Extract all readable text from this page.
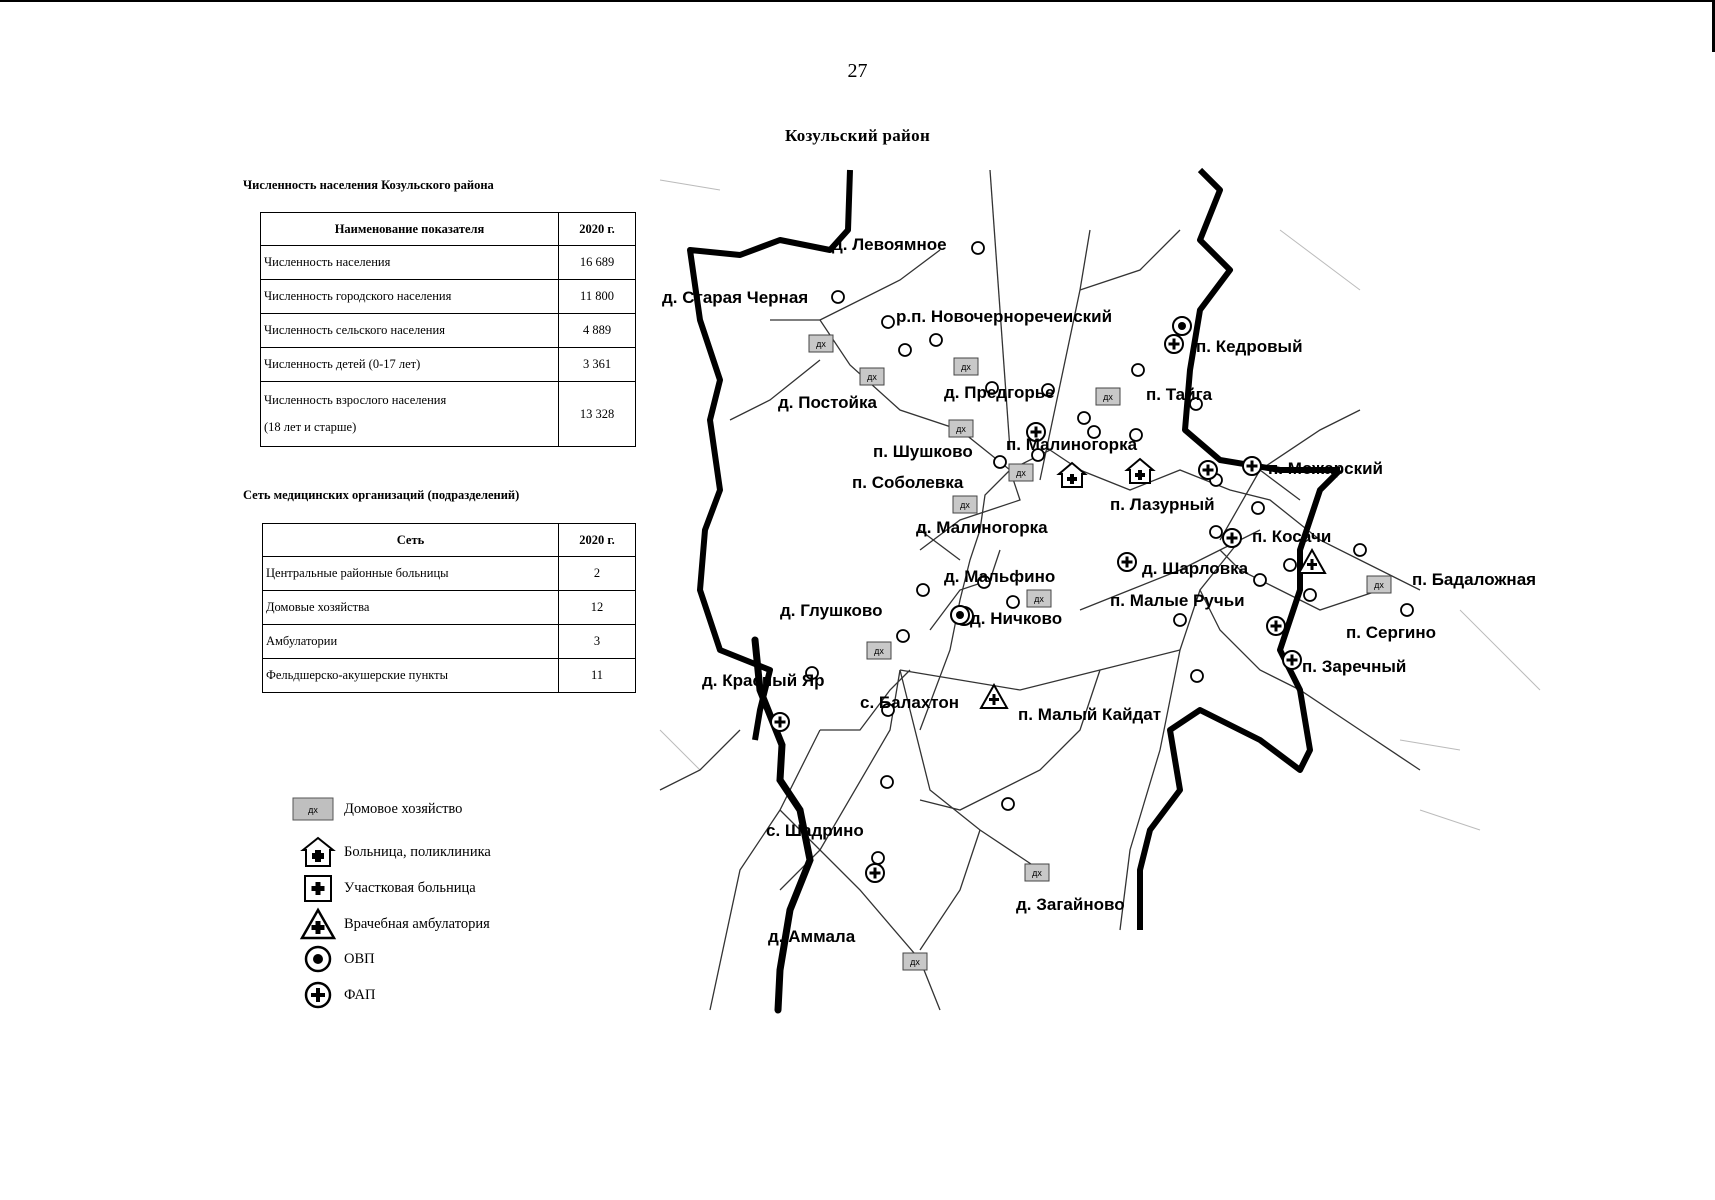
27
Козульский район
Численность населения Козульского района
Наименование показателя	2020 г.
Численность населения	16 689
Численность городского населения	11 800
Численность сельского населения	4 889
Численность детей (0-17 лет)	3 361

Численность взрослого населения
(18 лет и старше)	13 328
Сеть медицинских организаций (подразделений)
Сеть	2020 г.
Центральные районные больницы	2
Домовые хозяйства	12
Амбулатории	3
Фельдшерско-акушерские пункты	11
дх Домовое хозяйство
Больница, поликлиника
Участковая больница
Врачебная амбулатория
ОВП
ФАП
дх
д. Левоямное
д. Старая Черная
р.п. Новочерноречеиский
п. Кедровый
д. Постойка
д. Предгорье	п. Тайга
п. Шушково п. Малиногорка
п. Можарский
п. Соболевка
п. Лазурный
д. Малиногорка	п. Косачи
д. Мальфино	д. Шарловка
п. Бадаложная
д. Глушково	д. Ничково
п. Малые Ручьи
п. Сергино
п. Заречный
д. Красный Яр
с. Балахтон
п. Малый Кайдат
с. Шадрино
д. Загайново
д. Аммала
